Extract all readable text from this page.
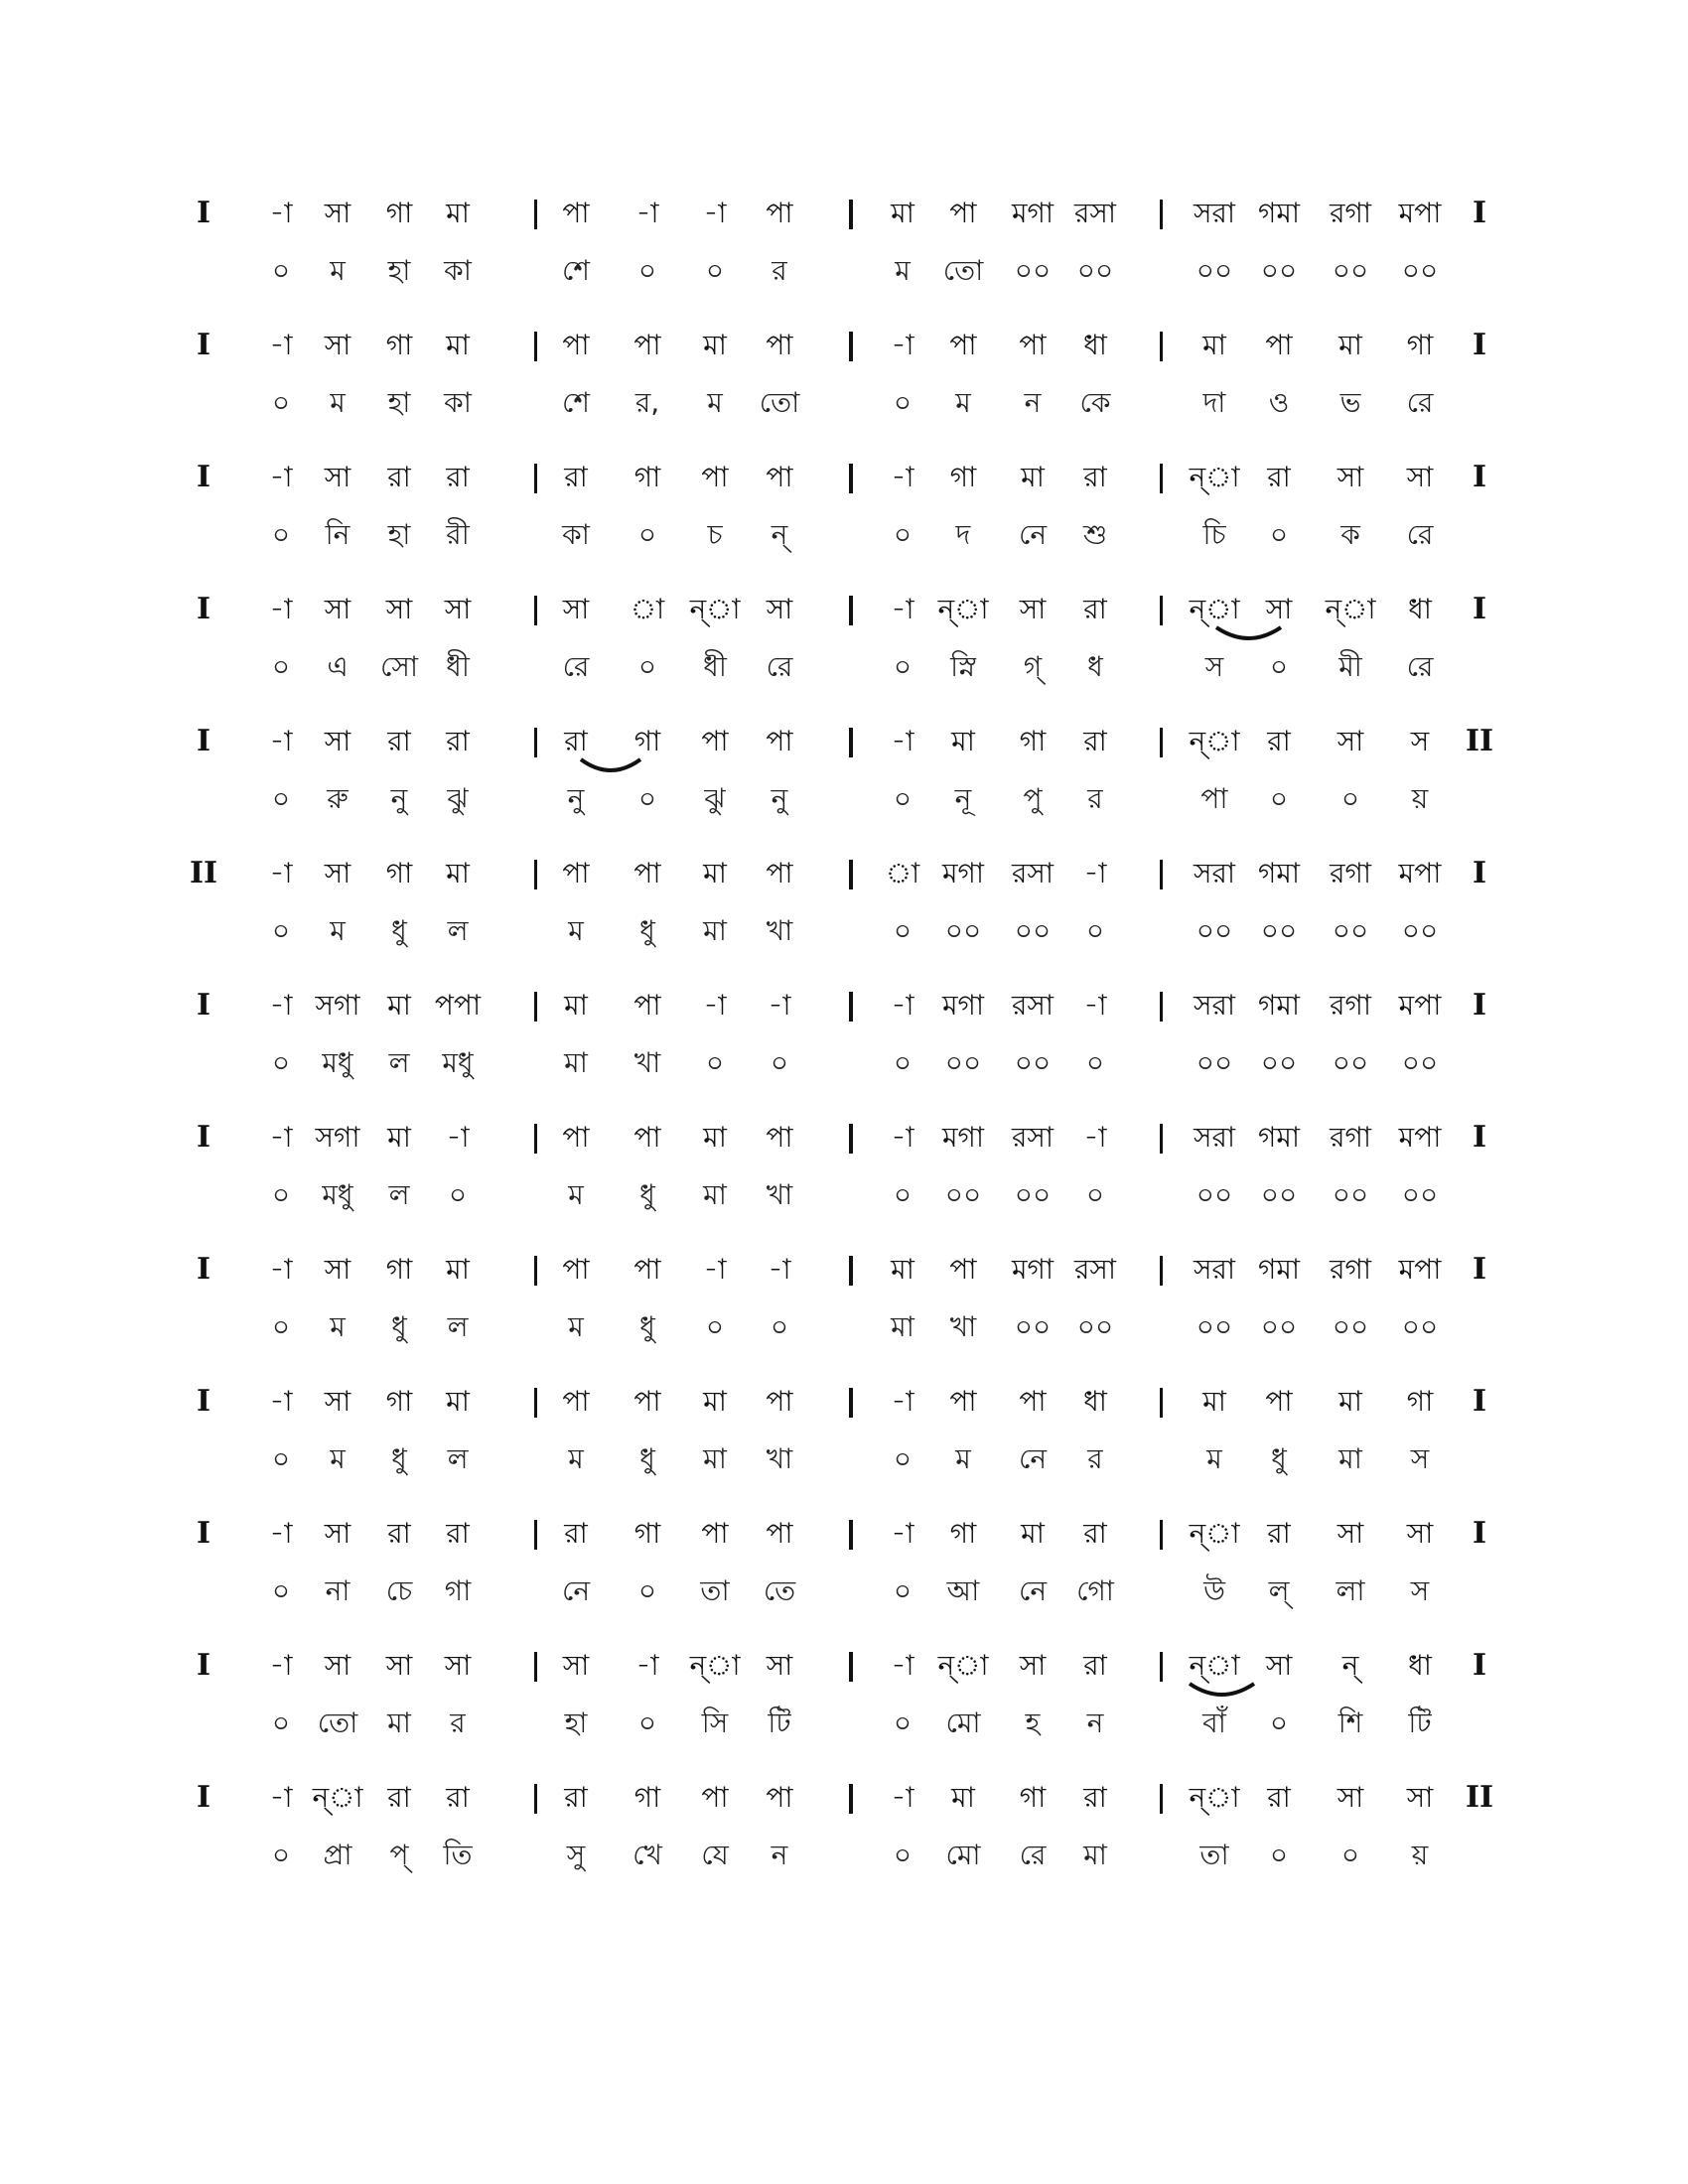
I -া সা গা মা	পা -া -া পা	মা পা মগা রসা	সরা গমা রগা মপা I
০ ম হা কা	শে ০ ০ র	ম তো ০০ ০০	০০ ০০ ০০ ০০
I -া সা গা মা	পা পা মা পা	-া পা পা ধা	মা পা মা গা I
০ ম হা কা	শে র, ম তো	০ ম ন কে	দা ও ভ রে
I -া সা রা রা	রা গা পা পা	-া গা মা রা	ন্া রা সা সা I
০ নি হা রী	কা ০ চ ন্	০ দ নে শু	চি ০ ক রে
I -া সা সা সা	সা া ন্া সা	-া ন্া সা রা	ন্া সা ন্া ধা I
০ এ সো ধী	রে ০ ধী রে	০ স্নি গ্ ধ	স ০ মী রে
I -া সা রা রা	রা গা পা পা	-া মা গা রা	ন্া রা সা স II
০ রু নু ঝু	নু ০ ঝু নু	০ নূ পু র	পা ০ ০ য়
II -া সা গা মা	পা পা মা পা	া মগা রসা -া	সরা গমা রগা মপা I
০ ম ধু ল	ম ধু মা খা	০ ০০ ০০ ০	০০ ০০ ০০ ০০
I -া সগা মা পপা	মা পা -া -া	-া মগা রসা -া	সরা গমা রগা মপা I
০ মধু ল মধু	মা খা ০ ০	০ ০০ ০০ ০	০০ ০০ ০০ ০০
I -া সগা মা -া	পা পা মা পা	-া মগা রসা -া	সরা গমা রগা মপা I
০ মধু ল ০	ম ধু মা খা	০ ০০ ০০ ০	০০ ০০ ০০ ০০
I -া সা গা মা	পা পা -া -া	মা পা মগা রসা	সরা গমা রগা মপা I
০ ম ধু ল	ম ধু ০ ০	মা খা ০০ ০০	০০ ০০ ০০ ০০
I -া সা গা মা	পা পা মা পা	-া পা পা ধা	মা পা মা গা I
০ ম ধু ল	ম ধু মা খা	০ ম নে র	ম ধু মা স
I -া সা রা রা	রা গা পা পা	-া গা মা রা	ন্া রা সা সা I
০ না চে গা	নে ০ তা তে	০ আ নে গো	উ ল্ লা স
I -া সা সা সা	সা -া ন্া সা	-া ন্া সা রা	ন্া সা ন্ ধা I
০ তো মা র	হা ০ সি টি	০ মো হ ন	বাঁ ০ শি টি
I -া ন্া রা রা	রা গা পা পা	-া মা গা রা	ন্া রা সা সা II
০ প্রা প্ তি	সু খে যে ন	০ মো রে মা	তা ০ ০ য়
